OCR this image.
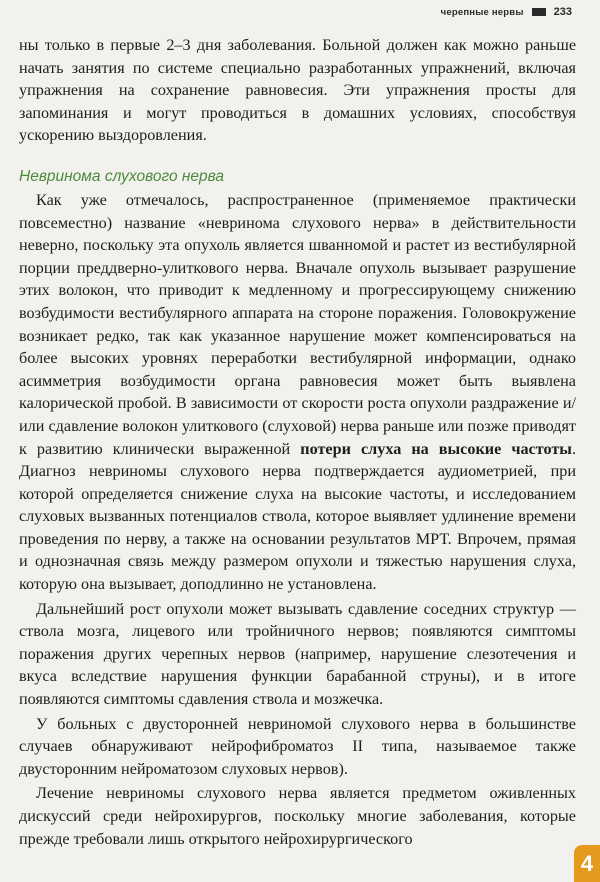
черепные нервы	233

ны только в первые 2–3 дня заболевания. Больной должен как можно раньше начать занятия по системе специально разработанных упражнений, включая упражнения на сохранение равновесия. Эти упражнения просты для запоминания и могут проводиться в домашних условиях, способствуя ускорению выздоровления.

Невринома слухового нерва

Как уже отмечалось, распространенное (применяемое практически повсеместно) название «невринома слухового нерва» в действительности неверно, поскольку эта опухоль является шванномой и растет из вестибулярной порции преддверно-улиткового нерва. Вначале опухоль вызывает разрушение этих волокон, что приводит к медленному и прогрессирующему снижению возбудимости вестибулярного аппарата на стороне поражения. Головокружение возникает редко, так как указанное нарушение может компенсироваться на более высоких уровнях переработки вестибулярной информации, однако асимметрия возбудимости органа равновесия может быть выявлена калорической пробой. В зависимости от скорости роста опухоли раздражение и/или сдавление волокон улиткового (слуховой) нерва раньше или позже приводят к развитию клинически выраженной потери слуха на высокие частоты. Диагноз невриномы слухового нерва подтверждается аудиометрией, при которой определяется снижение слуха на высокие частоты, и исследованием слуховых вызванных потенциалов ствола, которое выявляет удлинение времени проведения по нерву, а также на основании результатов МРТ. Впрочем, прямая и однозначная связь между размером опухоли и тяжестью нарушения слуха, которую она вызывает, доподлинно не установлена.

Дальнейший рост опухоли может вызывать сдавление соседних структур — ствола мозга, лицевого или тройничного нервов; появляются симптомы поражения других черепных нервов (например, нарушение слезотечения и вкуса вследствие нарушения функции барабанной струны), и в итоге появляются симптомы сдавления ствола и мозжечка.

У больных с двусторонней невриномой слухового нерва в большинстве случаев обнаруживают нейрофиброматоз II типа, называемое также двусторонним нейроматозом слуховых нервов).

Лечение невриномы слухового нерва является предметом оживленных дискуссий среди нейрохирургов, поскольку многие заболевания, которые прежде требовали лишь открытого нейрохирургического

4
